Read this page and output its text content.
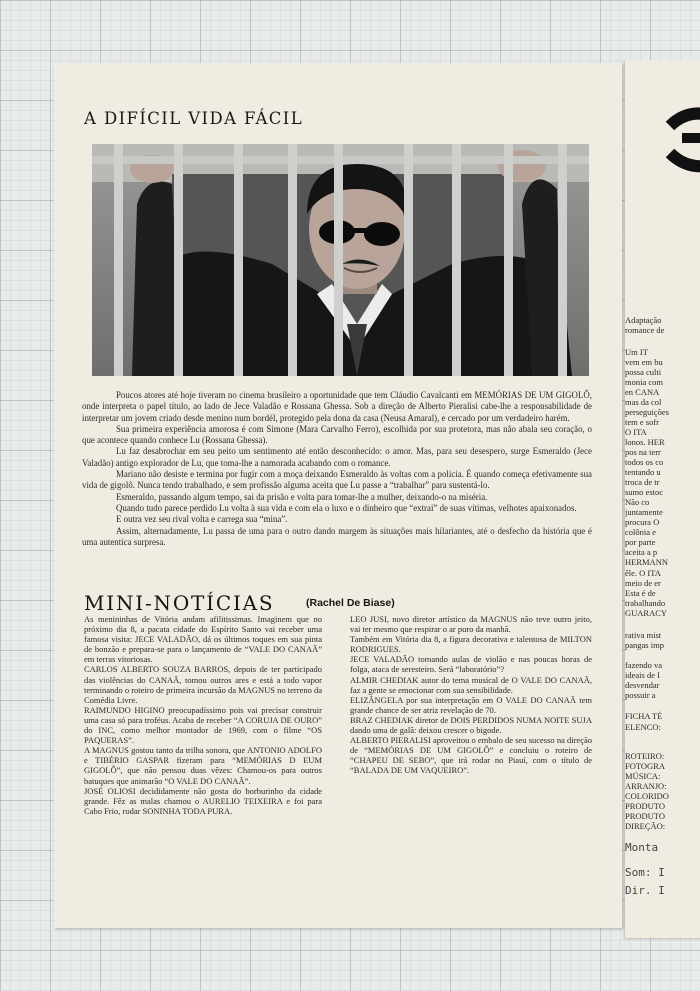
A DIFÍCIL VIDA FÁCIL

Poucos atores até hoje tiveram no cinema brasileiro a oportunidade que tem Cláudio Cavalcanti em MEMÓRIAS DE UM GIGOLÔ, onde interpreta o papel título, ao lado de Jece Valadão e Rossana Ghessa. Sob a direção de Alberto Pieralisi cabe-lhe a responsabilidade de interpretar um jovem criado desde menino num bordél, protegido pela dona da casa (Neusa Amaral), e cercado por um verdadeiro harém.

Sua primeira experiência amorosa é com Simone (Mara Carvalho Ferro), escolhida por sua protetora, mas não abala seu coração, o que acontece quando conhece Lu (Rossana Ghessa).

Lu faz desabrochar em seu peito um sentimento até então desconhecido: o amor. Mas, para seu desespero, surge Esmeraldo (Jece Valadão) antigo explorador de Lu, que toma-lhe a namorada acabando com o romance.

Mariano não desiste e termina por fugir com a moça deixando Esmeraldo às voltas com a polícia. É quando começa efetivamente sua vida de gigolô. Nunca tendo trabalhado, e sem profissão alguma aceita que Lu passe a “trabalhar” para sustentá-lo.

Esmeraldo, passando algum tempo, sai da prisão e volta para tomar-lhe a mulher, deixando-o na miséria.

Quando tudo parece perdido Lu volta à sua vida e com ela o luxo e o dinheiro que “extrai” de suas vítimas, velhotes apaixonados.

E outra vez seu rival volta e carrega sua “mina”.

Assim, alternadamente, Lu passa de uma para o outro dando margem às situações mais hilariantes, até o desfecho da história que é uma autentica surpresa.

MINI-NOTÍCIAS	(Rachel De Biase)

As menininhas de Vitória andam afilitissimas. Imaginem que no próximo dia 8, a pacata cidade do Espírito Santo vai receber uma famosa visita: JECE VALADÃO, dá os últimos toques em sua pinta de bonzão e prepara-se para o lançamento de “VALE DO CANAÃ” em terras vitoriosas.

CARLOS ALBERTO SOUZA BARROS, depois de ter participado das violências do CANAÃ, tomou outros ares e está a todo vapor terminando o roteiro de primeira incursão da MAGNUS no terreno da Comédia Livre.

RAIMUNDO HIGINO preocupadíssimo pois vai precisar construir uma casa só para troféus. Acaba de receber “A CORUJA DE OURO” do INC, como melhor montador de 1969, com o filme “OS PAQUERAS”.

A MAGNUS gostou tanto da trilha sonora, que ANTONIO ADOLFO e TIBÉRIO GASPAR fizeram para “MEMÓRIAS D EUM GIGOLÔ”, que não pensou duas vêzes: Chamou-os para outros batuques que animarão “O VALE DO CANAÃ”.

JOSÉ OLIOSI decididamente não gosta do borburinho da cidade grande. Fêz as malas chamou o AURELIO TEIXEIRA e foi para Cabo Frio, rodar SONINHA TODA PURA.

LEO JUSI, novo diretor artístico da MAGNUS não teve outro jeito, vai ter mesmo que respirar o ar puro da manhã.

Também em Vitória dia 8, a figura decorativa e talentosa de MILTON RODRIGUES.

JECE VALADÃO tomando aulas de violão e nas poucas horas de folga, ataca de seresteiro. Será “laboratório”?

ALMIR CHEDIAK autor do tema musical de O VALE DO CANAÃ, faz a gente se emocionar com sua sensibilidade.

ELIZÂNGELA por sua interpretação em O VALE DO CANAÃ tem grande chance de ser atriz revelação de 70.

BRAZ CHEDIAK diretor de DOIS PERDIDOS NUMA NOITE SUJA dando uma de galã: deixou crescer o bigode.

ALBERTO PIERALISI aproveitou o embalo de seu sucesso na direção de “MEMÓRIAS DE UM GIGOLÔ” e concluiu o roteiro de “CHAPEU DE SEBO”, que irá rodar no Piauí, com o título de “BALADA DE UM VAQUEIRO”.

Adaptação
romance de
Um IT
vem em bu
possa culti
monia com
en CANA
mas da col
perseguições
tem e sofr
O ITA
lonos. HER
pos na terr
todos os co
tentando u
troca de tr
sumo estoc
Não co
juntamente
procura O
colônia e
por parte
aceita a p
HERMANN
êle. O ITA
meio de er
Esta é de
trabalhando
GUARACY
rativa mist
pangas imp
fazendo va
ideais de I
desvendar
possuir a
FICHA TÉ
ELENCO:
ROTEIRO:
FOTOGRA
MÚSICA:
ARRANJO:
COLORIDO
PRODUTO
PRODUTO
DIREÇÃO:
Monta
Som: I
Dir. I
